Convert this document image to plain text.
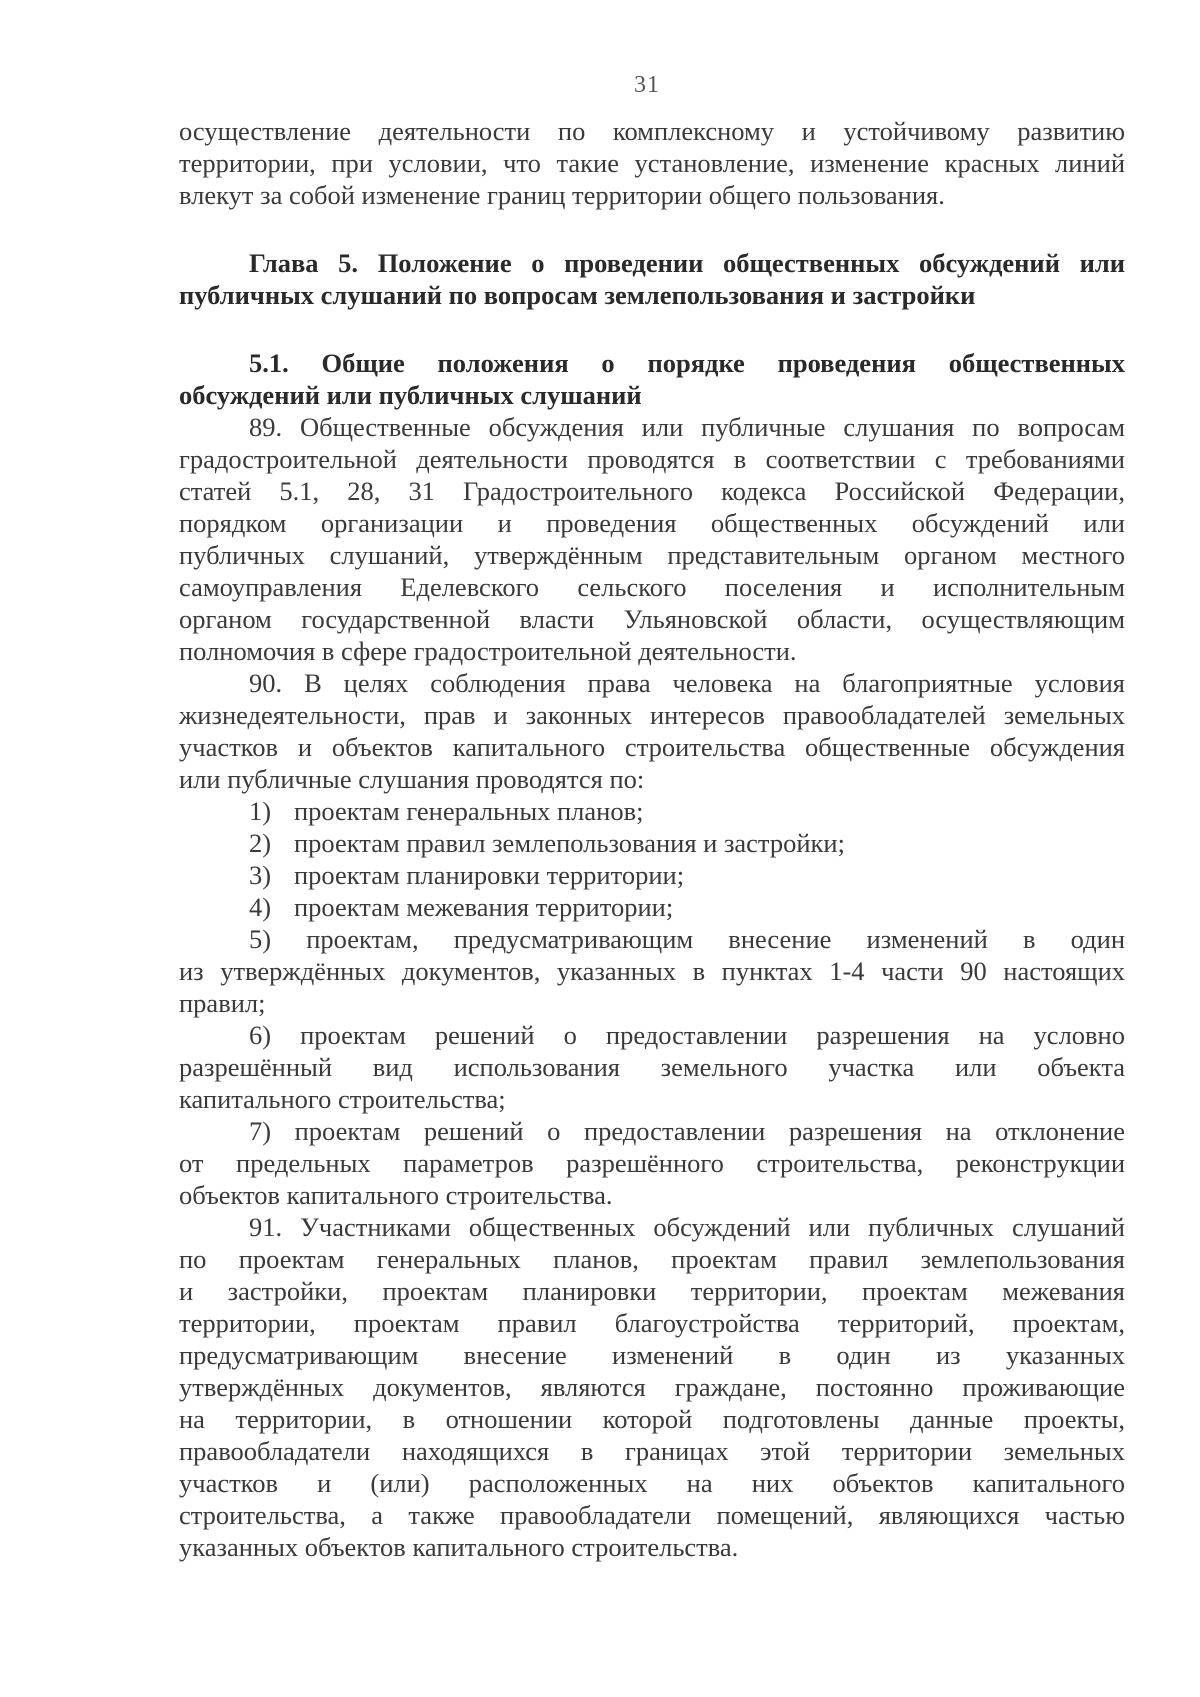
31

осуществление деятельности по комплексному и устойчивому развитию

территории, при условии, что такие установление, изменение красных линий

влекут за собой изменение границ территории общего пользования.

Глава 5. Положение о проведении общественных обсуждений или

публичных слушаний по вопросам землепользования и застройки

5.1. Общие положения о порядке проведения общественных

обсуждений или публичных слушаний

89. Общественные обсуждения или публичные слушания по вопросам

градостроительной деятельности проводятся в соответствии с требованиями

статей 5.1, 28, 31 Градостроительного кодекса Российской Федерации,

порядком организации и проведения общественных обсуждений или

публичных слушаний, утверждённым представительным органом местного

самоуправления Еделевского сельского поселения и исполнительным

органом государственной власти Ульяновской области, осуществляющим

полномочия в сфере градостроительной деятельности.

90. В целях соблюдения права человека на благоприятные условия

жизнедеятельности, прав и законных интересов правообладателей земельных

участков и объектов капитального строительства общественные обсуждения

или публичные слушания проводятся по:

1) проектам генеральных планов;
2) проектам правил землепользования и застройки;
3) проектам планировки территории;
4) проектам межевания территории;

5) проектам, предусматривающим внесение изменений в один

из утверждённых документов, указанных в пунктах 1-4 части 90 настоящих

правил;

6) проектам решений о предоставлении разрешения на условно

разрешённый вид использования земельного участка или объекта

капитального строительства;

7) проектам решений о предоставлении разрешения на отклонение

от предельных параметров разрешённого строительства, реконструкции

объектов капитального строительства.

91. Участниками общественных обсуждений или публичных слушаний

по проектам генеральных планов, проектам правил землепользования

и застройки, проектам планировки территории, проектам межевания

территории, проектам правил благоустройства территорий, проектам,

предусматривающим внесение изменений в один из указанных

утверждённых документов, являются граждане, постоянно проживающие

на территории, в отношении которой подготовлены данные проекты,

правообладатели находящихся в границах этой территории земельных

участков и (или) расположенных на них объектов капитального

строительства, а также правообладатели помещений, являющихся частью

указанных объектов капитального строительства.
